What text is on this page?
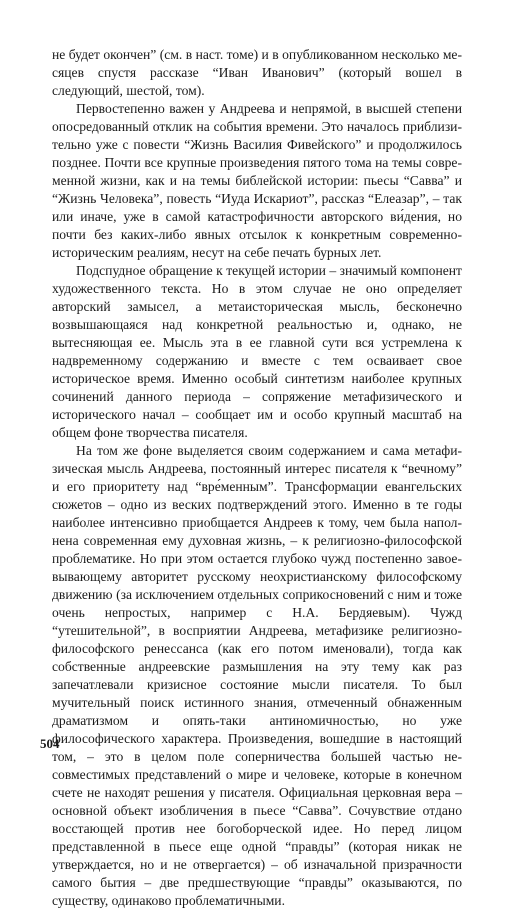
не будет окончен” (см. в наст. томе) и в опубликованном несколько месяцев спустя рассказе “Иван Иванович” (который вошел в следующий, шестой, том).

Первостепенно важен у Андреева и непрямой, в высшей степени опосредованный отклик на события времени. Это началось приблизительно уже с повести “Жизнь Василия Фивейского” и продолжилось позднее. Почти все крупные произведения пятого тома на темы современной жизни, как и на темы библейской истории: пьесы “Савва” и “Жизнь Человека”, повесть “Иуда Искариот”, рассказ “Елеазар”, – так или иначе, уже в самой катастрофичности авторского ви́дения, но почти без каких-либо явных отсылок к конкретным современно-историческим реалиям, несут на себе печать бурных лет.

Подспудное обращение к текущей истории – значимый компонент художественного текста. Но в этом случае не оно определяет авторский замысел, а метаисторическая мысль, бесконечно возвышающаяся над конкретной реальностью и, однако, не вытесняющая ее. Мысль эта в ее главной сути вся устремлена к надвременному содержанию и вместе с тем осваивает свое историческое время. Именно особый синтетизм наиболее крупных сочинений данного периода – сопряжение метафизического и исторического начал – сообщает им и особо крупный масштаб на общем фоне творчества писателя.

На том же фоне выделяется своим содержанием и сама метафизическая мысль Андреева, постоянный интерес писателя к “вечному” и его приоритету над “вре́менным”. Трансформации евангельских сюжетов – одно из веских подтверждений этого. Именно в те годы наиболее интенсивно приобщается Андреев к тому, чем была наполнена современная ему духовная жизнь, – к религиозно-философской проблематике. Но при этом остается глубоко чужд постепенно завоевывающему авторитет русскому неохристианскому философскому движению (за исключением отдельных соприкосновений с ним и тоже очень непростых, например с Н.А. Бердяевым). Чужд “утешительной”, в восприятии Андреева, метафизике религиозно-философского ренессанса (как его потом именовали), тогда как собственные андреевские размышления на эту тему как раз запечатлевали кризисное состояние мысли писателя. То был мучительный поиск истинного знания, отмеченный обнаженным драматизмом и опять-таки антиномичностью, но уже философического характера. Произведения, вошедшие в настоящий том, – это в целом поле соперничества большей частью несовместимых представлений о мире и человеке, которые в конечном счете не находят решения у писателя. Официальная церковная вера – основной объект изобличения в пьесе “Савва”. Сочувствие отдано восстающей против нее богоборческой идее. Но перед лицом представленной в пьесе еще одной “правды” (которая никак не утверждается, но и не отвергается) – об изначальной призрачности самого бытия – две предшествующие “правды” оказываются, по существу, одинаково проблематичными.

504
